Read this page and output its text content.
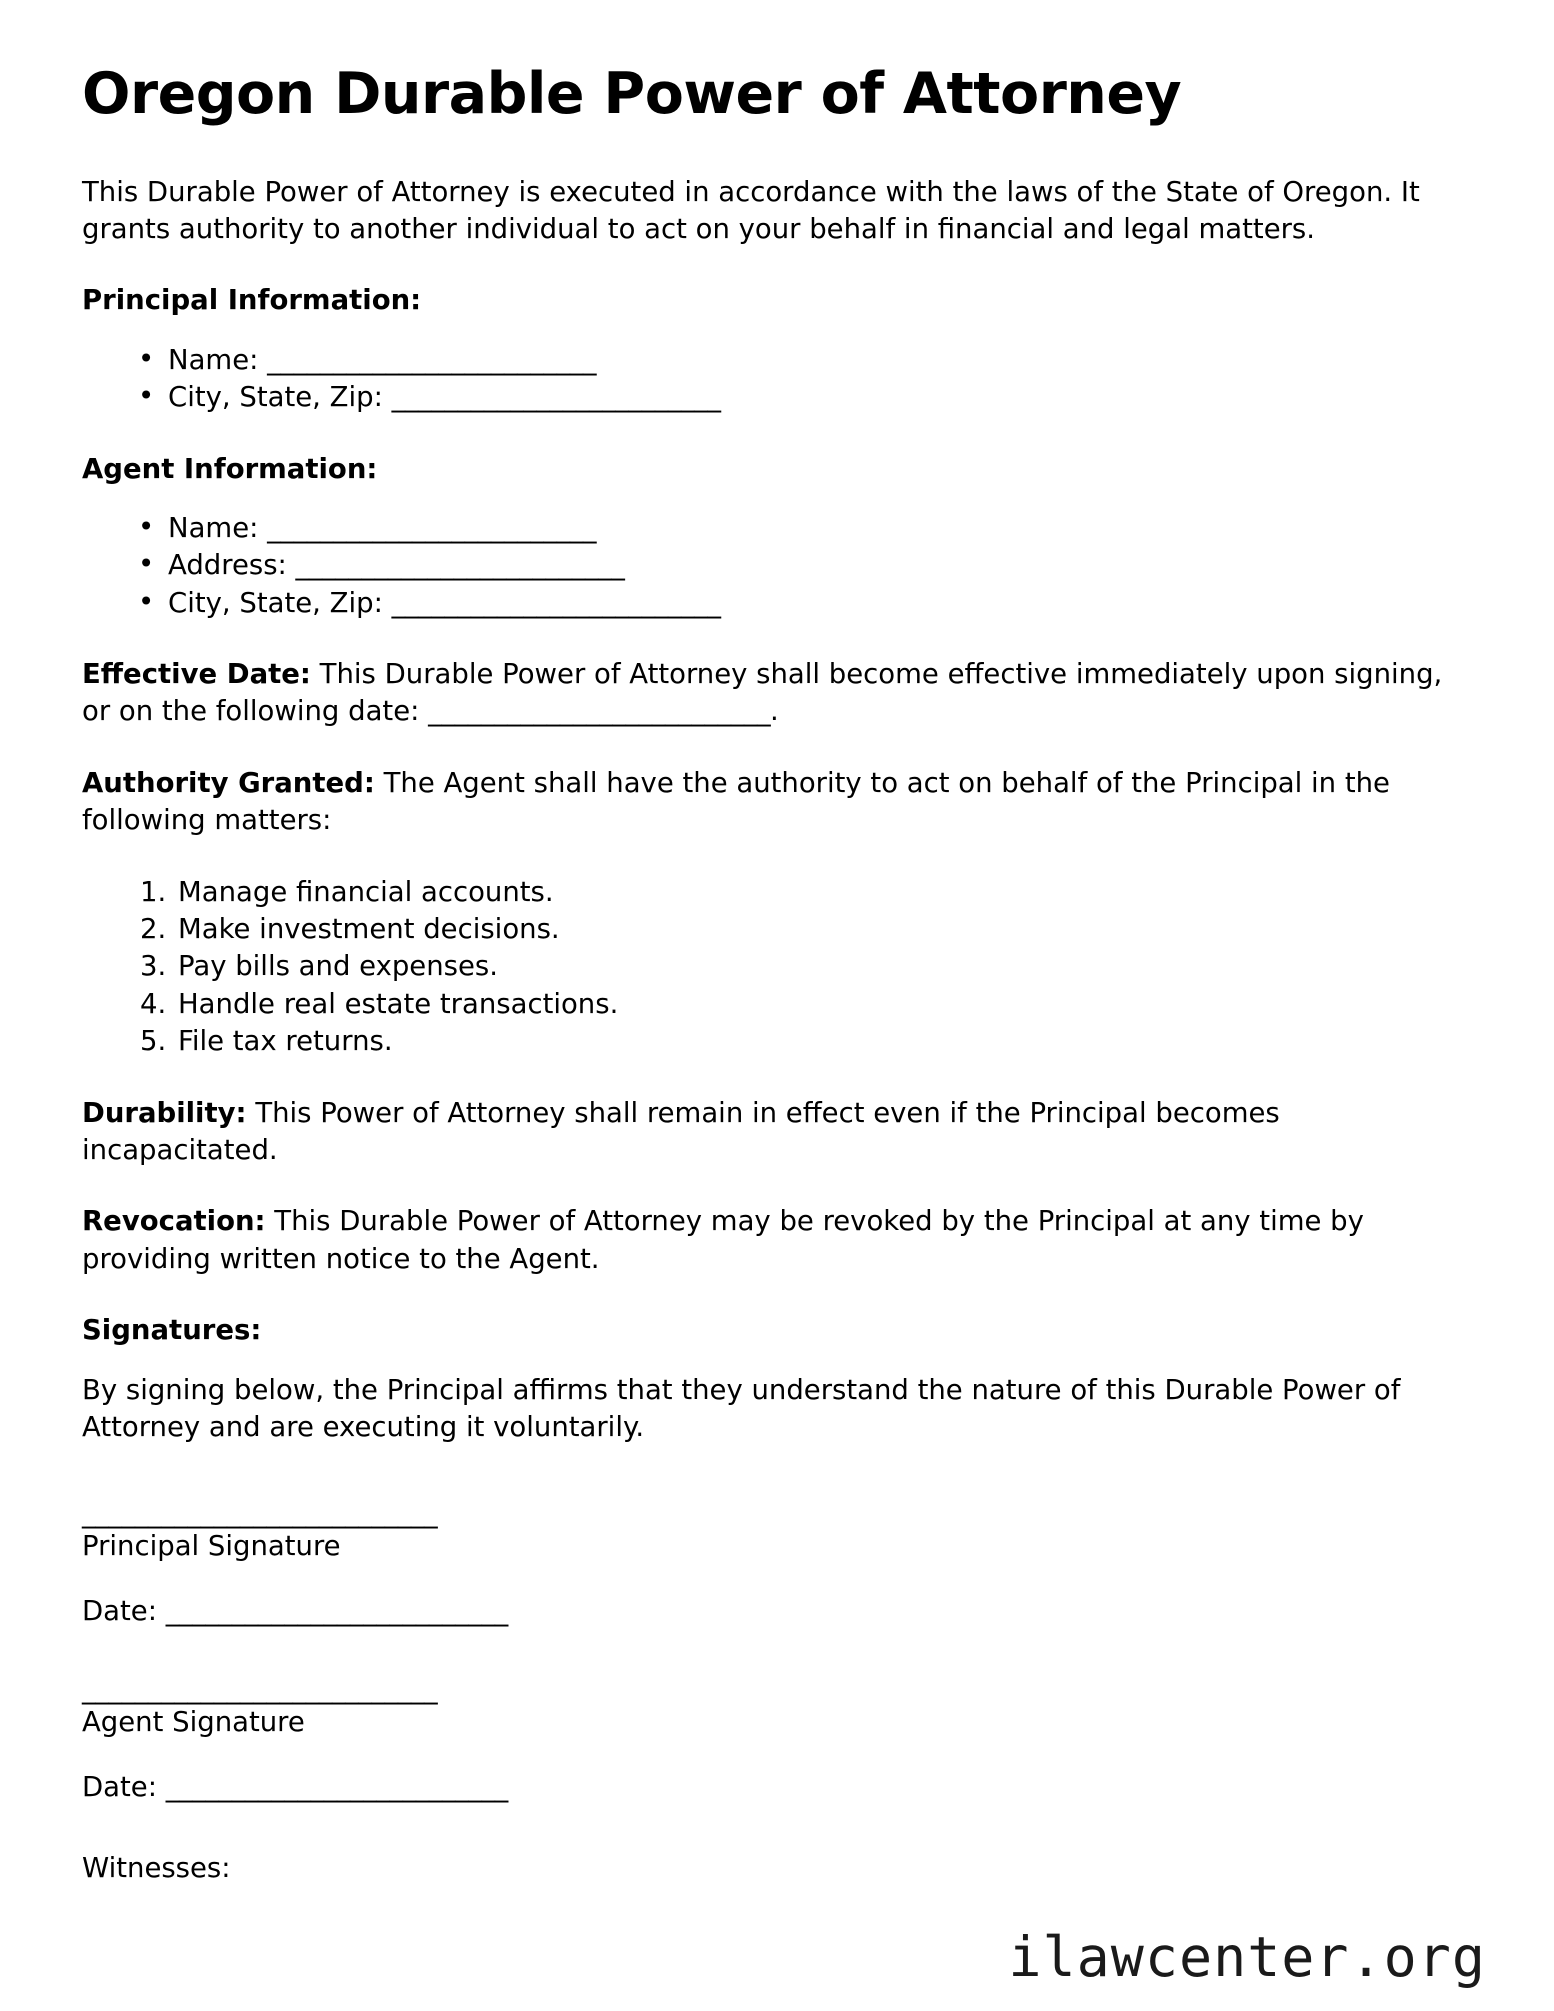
Oregon Durable Power of Attorney

This Durable Power of Attorney is executed in accordance with the laws of the State of Oregon. It grants authority to another individual to act on your behalf in financial and legal matters.

Principal Information:
• Name: _________________________
• City, State, Zip: _________________________
Agent Information:
• Name: _________________________
• Address: _________________________
• City, State, Zip: _________________________

Effective Date: This Durable Power of Attorney shall become effective immediately upon signing, or on the following date: __________________________.

Authority Granted: The Agent shall have the authority to act on behalf of the Principal in the following matters:

Manage financial accounts.
Make investment decisions.
Pay bills and expenses.
Handle real estate transactions.
File tax returns.

Durability: This Power of Attorney shall remain in effect even if the Principal becomes incapacitated.

Revocation: This Durable Power of Attorney may be revoked by the Principal at any time by providing written notice to the Agent.

Signatures:

By signing below, the Principal affirms that they understand the nature of this Durable Power of Attorney and are executing it voluntarily.

___________________________

Principal Signature

Date: __________________________

___________________________

Agent Signature

Date: __________________________

Witnesses:

ilawcenter.org
